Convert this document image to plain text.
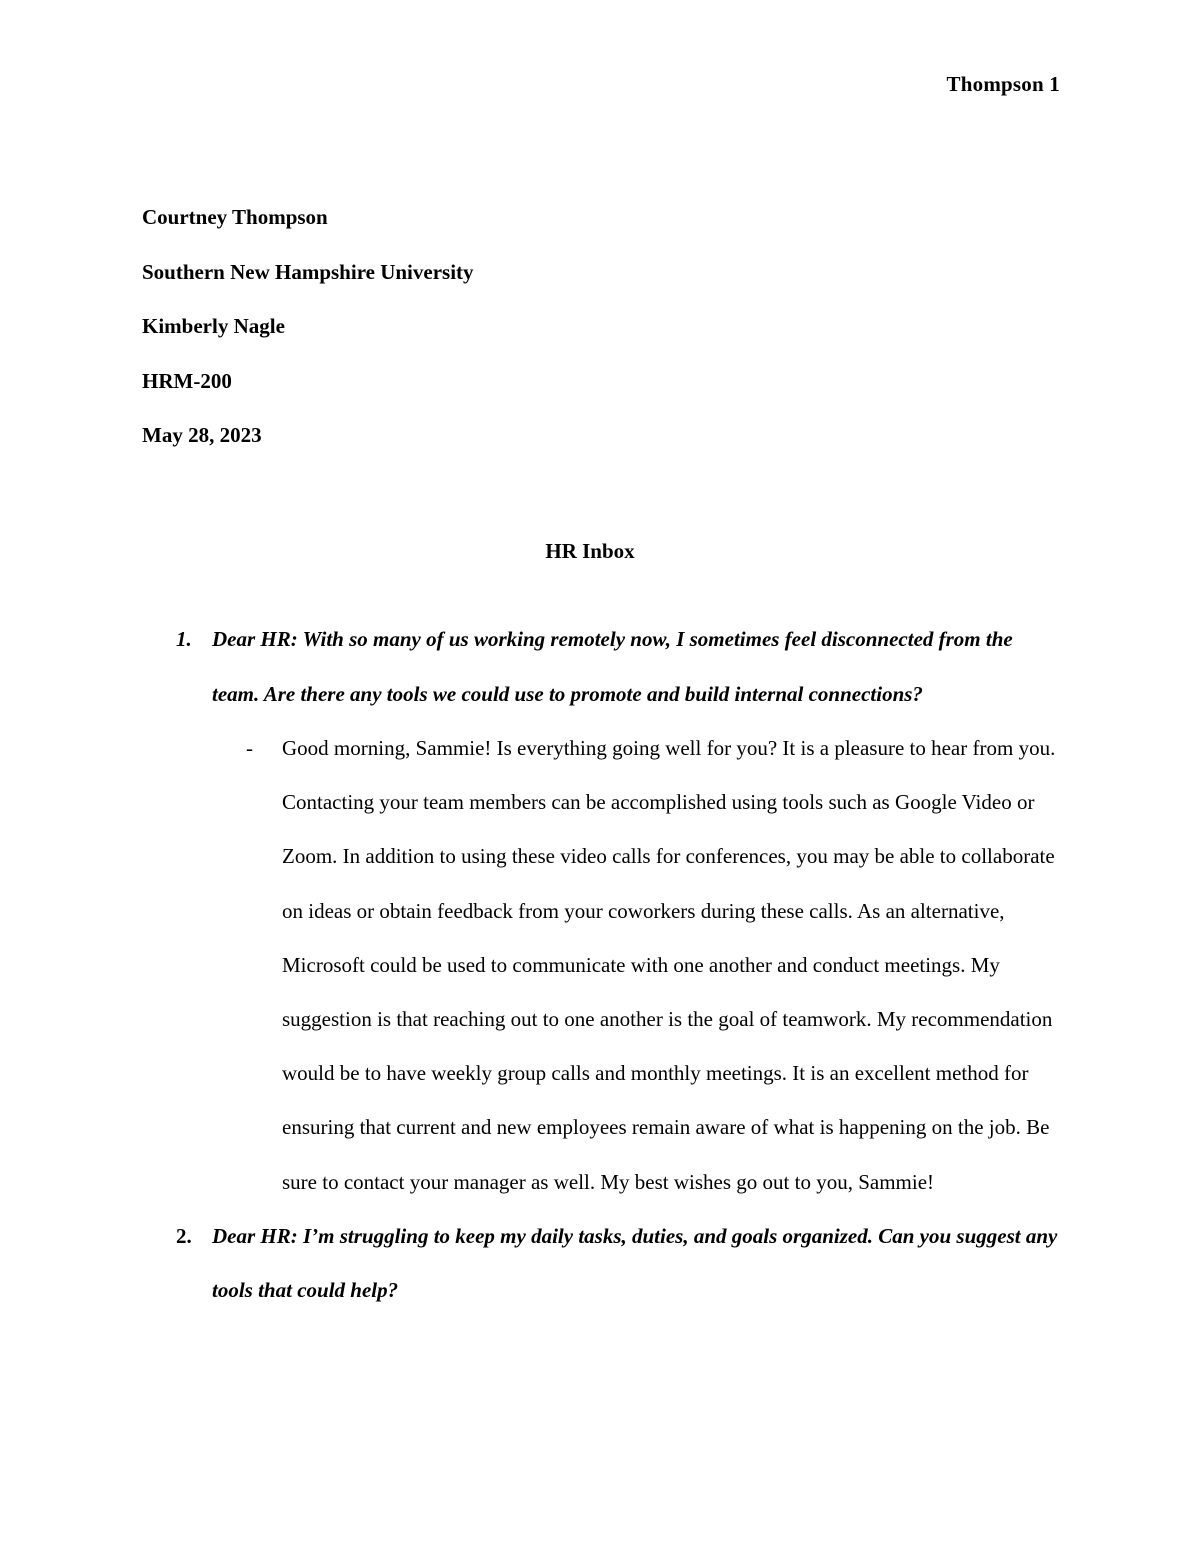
Thompson 1
Courtney Thompson
Southern New Hampshire University
Kimberly Nagle
HRM-200
May 28, 2023
HR Inbox
1. Dear HR: With so many of us working remotely now, I sometimes feel disconnected from the team. Are there any tools we could use to promote and build internal connections?
- Good morning, Sammie! Is everything going well for you? It is a pleasure to hear from you. Contacting your team members can be accomplished using tools such as Google Video or Zoom. In addition to using these video calls for conferences, you may be able to collaborate on ideas or obtain feedback from your coworkers during these calls. As an alternative, Microsoft could be used to communicate with one another and conduct meetings. My suggestion is that reaching out to one another is the goal of teamwork. My recommendation would be to have weekly group calls and monthly meetings. It is an excellent method for ensuring that current and new employees remain aware of what is happening on the job. Be sure to contact your manager as well. My best wishes go out to you, Sammie!
2. Dear HR: I’m struggling to keep my daily tasks, duties, and goals organized. Can you suggest any tools that could help?
